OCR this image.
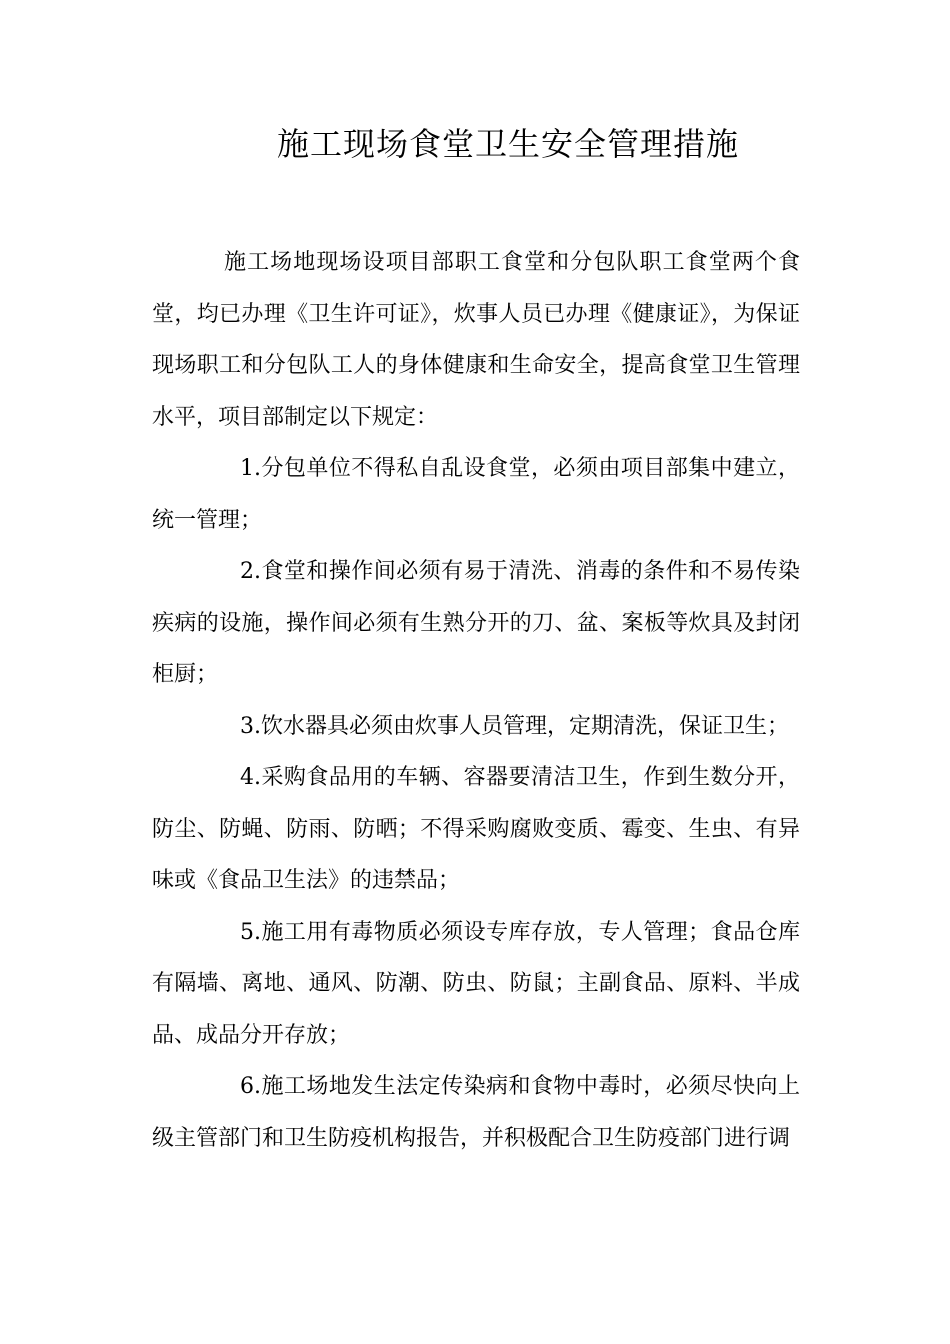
施工现场食堂卫生安全管理措施

施工场地现场设项目部职工食堂和分包队职工食堂两个食堂，均已办理《卫生许可证》，炊事人员已办理《健康证》，为保证现场职工和分包队工人的身体健康和生命安全，提高食堂卫生管理水平，项目部制定以下规定：

1.分包单位不得私自乱设食堂，必须由项目部集中建立，统一管理；

2.食堂和操作间必须有易于清洗、消毒的条件和不易传染疾病的设施，操作间必须有生熟分开的刀、盆、案板等炊具及封闭柜厨；

3.饮水器具必须由炊事人员管理，定期清洗，保证卫生；

4.采购食品用的车辆、容器要清洁卫生，作到生数分开，防尘、防蝇、防雨、防晒；不得采购腐败变质、霉变、生虫、有异味或《食品卫生法》的违禁品；

5.施工用有毒物质必须设专库存放，专人管理；食品仓库有隔墙、离地、通风、防潮、防虫、防鼠；主副食品、原料、半成品、成品分开存放；

6.施工场地发生法定传染病和食物中毒时，必须尽快向上级主管部门和卫生防疫机构报告，并积极配合卫生防疫部门进行调
